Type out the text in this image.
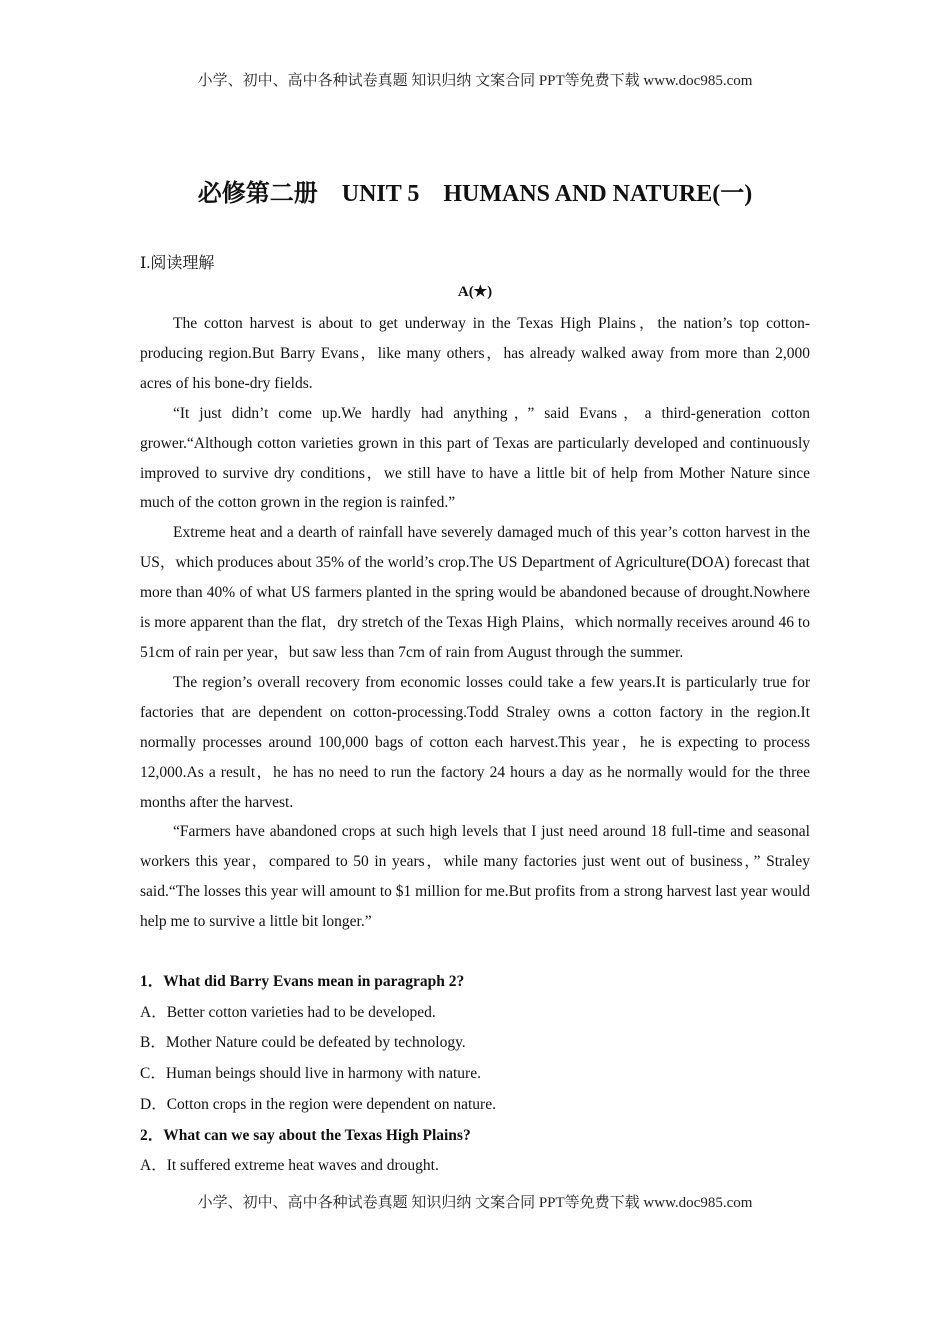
小学、初中、高中各种试卷真题 知识归纳 文案合同 PPT等免费下载 www.doc985.com
必修第二册　UNIT 5　HUMANS AND NATURE(一)
Ⅰ.阅读理解
A(★)

The cotton harvest is about to get underway in the Texas High Plains，the nation’s top cotton-producing region.But Barry Evans，like many others，has already walked away from more than 2,000 acres of his bone-dry fields.

“It just didn’t come up.We hardly had anything，” said Evans，a third-generation cotton grower.“Although cotton varieties grown in this part of Texas are particularly developed and continuously improved to survive dry conditions，we still have to have a little bit of help from Mother Nature since much of the cotton grown in the region is rainfed.”

Extreme heat and a dearth of rainfall have severely damaged much of this year’s cotton harvest in the US，which produces about 35% of the world’s crop.The US Department of Agriculture(DOA) forecast that more than 40% of what US farmers planted in the spring would be abandoned because of drought.Nowhere is more apparent than the flat，dry stretch of the Texas High Plains，which normally receives around 46 to 51cm of rain per year，but saw less than 7cm of rain from August through the summer.

The region’s overall recovery from economic losses could take a few years.It is particularly true for factories that are dependent on cotton-processing.Todd Straley owns a cotton factory in the region.It normally processes around 100,000 bags of cotton each harvest.This year，he is expecting to process 12,000.As a result，he has no need to run the factory 24 hours a day as he normally would for the three months after the harvest.

“Farmers have abandoned crops at such high levels that I just need around 18 full-time and seasonal workers this year，compared to 50 in years，while many factories just went out of business，” Straley said.“The losses this year will amount to $1 million for me.But profits from a strong harvest last year would help me to survive a little bit longer.”

1．What did Barry Evans mean in paragraph 2?
A．Better cotton varieties had to be developed.
B．Mother Nature could be defeated by technology.
C．Human beings should live in harmony with nature.
D．Cotton crops in the region were dependent on nature.
2．What can we say about the Texas High Plains?
A．It suffered extreme heat waves and drought.
小学、初中、高中各种试卷真题 知识归纳 文案合同 PPT等免费下载 www.doc985.com
